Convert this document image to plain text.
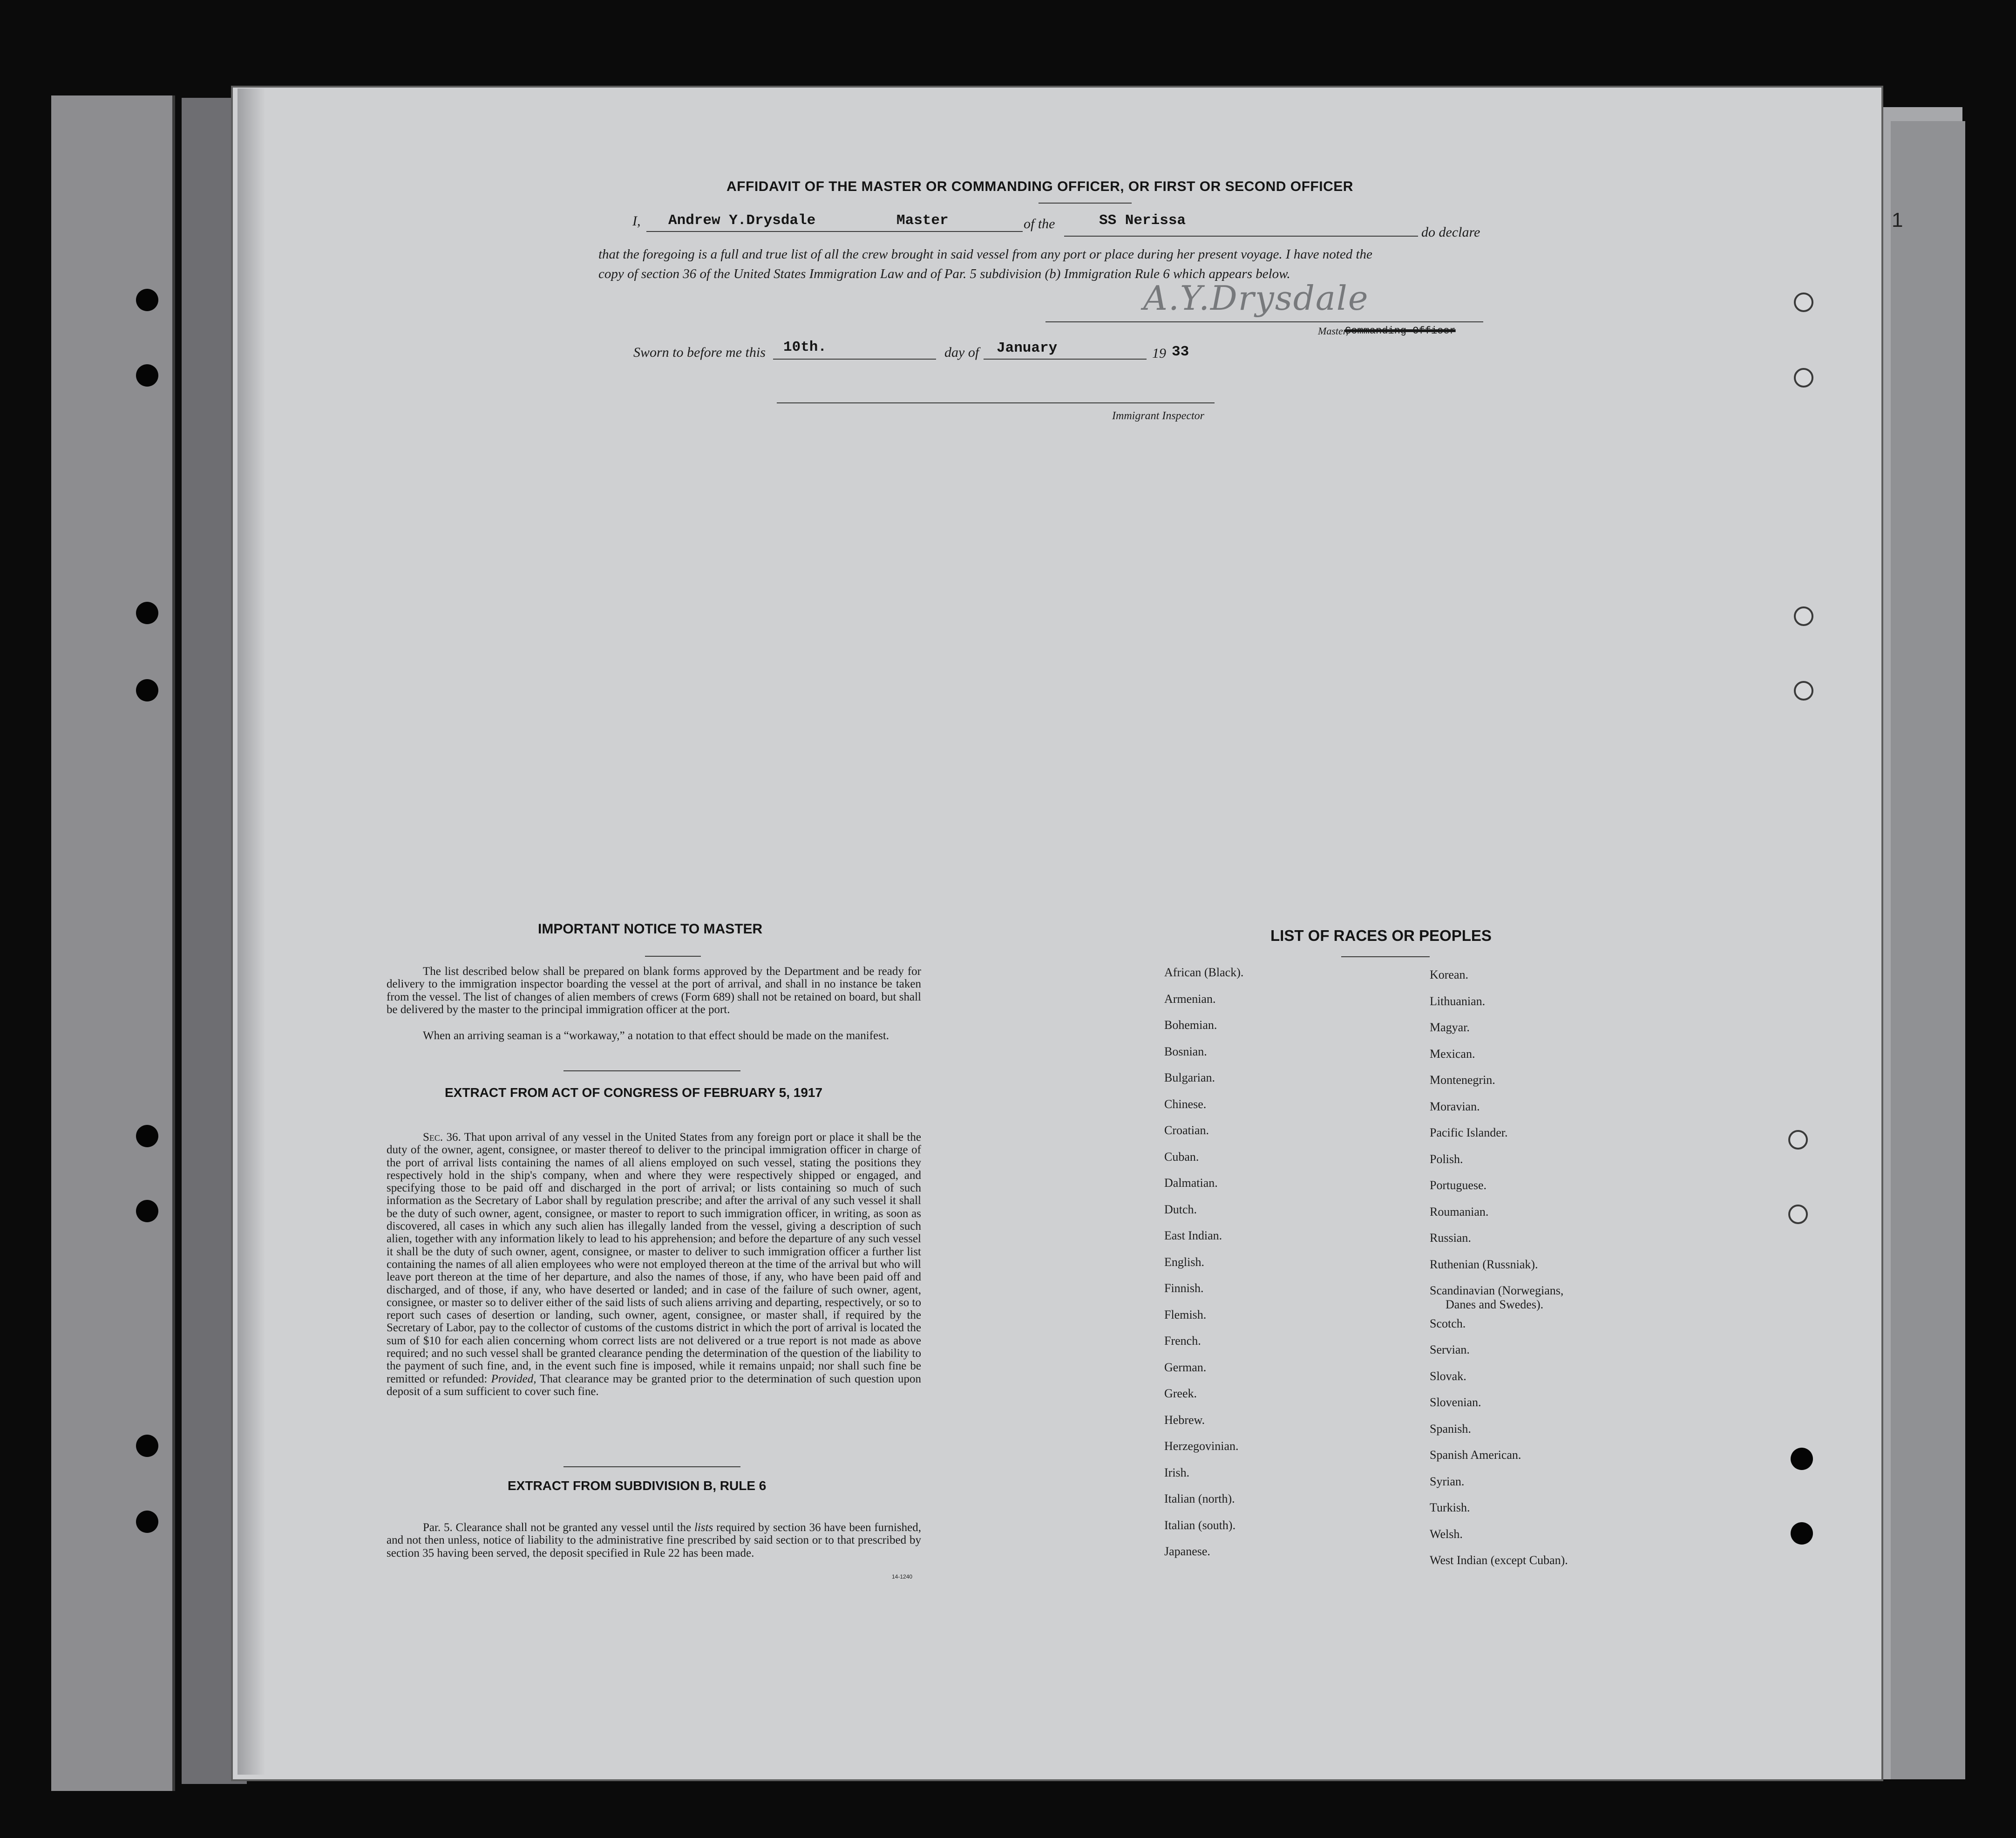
1
AFFIDAVIT OF THE MASTER OR COMMANDING OFFICER, OR FIRST OR SECOND OFFICER
I, Andrew Y.Drysdale	Master	of the	SS Nerissa
do declare
that the foregoing is a full and true list of all the crew brought in said vessel from any port or place during her present voyage. I have noted the
copy of section 36 of the United States Immigration Law and of Par. 5 subdivision (b) Immigration Rule 6 which appears below.
A.Y.Drysdale
Master,
Commanding Officer
Sworn to before me this 10th.	day of January	19 33
Immigrant Inspector
IMPORTANT NOTICE TO MASTER
The list described below shall be prepared on blank forms approved by the Department and be ready for delivery to the immigration inspector boarding the vessel at the port of arrival, and shall in no instance be taken from the vessel. The list of changes of alien members of crews (Form 689) shall not be retained on board, but shall be delivered by the master to the principal immigration officer at the port.
When an arriving seaman is a “workaway,” a notation to that effect should be made on the manifest.
EXTRACT FROM ACT OF CONGRESS OF FEBRUARY 5, 1917
Sec. 36. That upon arrival of any vessel in the United States from any foreign port or place it shall be the duty of the owner, agent, consignee, or master thereof to deliver to the principal immigration officer in charge of the port of arrival lists containing the names of all aliens employed on such vessel, stating the positions they respectively hold in the ship's company, when and where they were respectively shipped or engaged, and specifying those to be paid off and discharged in the port of arrival; or lists containing so much of such information as the Secretary of Labor shall by regulation prescribe; and after the arrival of any such vessel it shall be the duty of such owner, agent, consignee, or master to report to such immigration officer, in writing, as soon as discovered, all cases in which any such alien has illegally landed from the vessel, giving a description of such alien, together with any information likely to lead to his apprehension; and before the departure of any such vessel it shall be the duty of such owner, agent, consignee, or master to deliver to such immigration officer a further list containing the names of all alien employees who were not employed thereon at the time of the arrival but who will leave port thereon at the time of her departure, and also the names of those, if any, who have been paid off and discharged, and of those, if any, who have deserted or landed; and in case of the failure of such owner, agent, consignee, or master so to deliver either of the said lists of such aliens arriving and departing, respectively, or so to report such cases of desertion or landing, such owner, agent, consignee, or master shall, if required by the Secretary of Labor, pay to the collector of customs of the customs district in which the port of arrival is located the sum of $10 for each alien concerning whom correct lists are not delivered or a true report is not made as above required; and no such vessel shall be granted clearance pending the determination of the question of the liability to the payment of such fine, and, in the event such fine is imposed, while it remains unpaid; nor shall such fine be remitted or refunded: Provided, That clearance may be granted prior to the determination of such question upon deposit of a sum sufficient to cover such fine.
EXTRACT FROM SUBDIVISION B, RULE 6
Par. 5. Clearance shall not be granted any vessel until the lists required by section 36 have been furnished, and not then unless, notice of liability to the administrative fine prescribed by said section or to that prescribed by section 35 having been served, the deposit specified in Rule 22 has been made.
14-1240
LIST OF RACES OR PEOPLES
African (Black).
Armenian.
Bohemian.
Bosnian.
Bulgarian.
Chinese.
Croatian.
Cuban.
Dalmatian.
Dutch.
East Indian.
English.
Finnish.
Flemish.
French.
German.
Greek.
Hebrew.
Herzegovinian.
Irish.
Italian (north).
Italian (south).
Japanese.
Korean.
Lithuanian.
Magyar.
Mexican.
Montenegrin.
Moravian.
Pacific Islander.
Polish.
Portuguese.
Roumanian.
Russian.
Ruthenian (Russniak).
Scandinavian (Norwegians,
Danes and Swedes).
Scotch.
Servian.
Slovak.
Slovenian.
Spanish.
Spanish American.
Syrian.
Turkish.
Welsh.
West Indian (except Cuban).
